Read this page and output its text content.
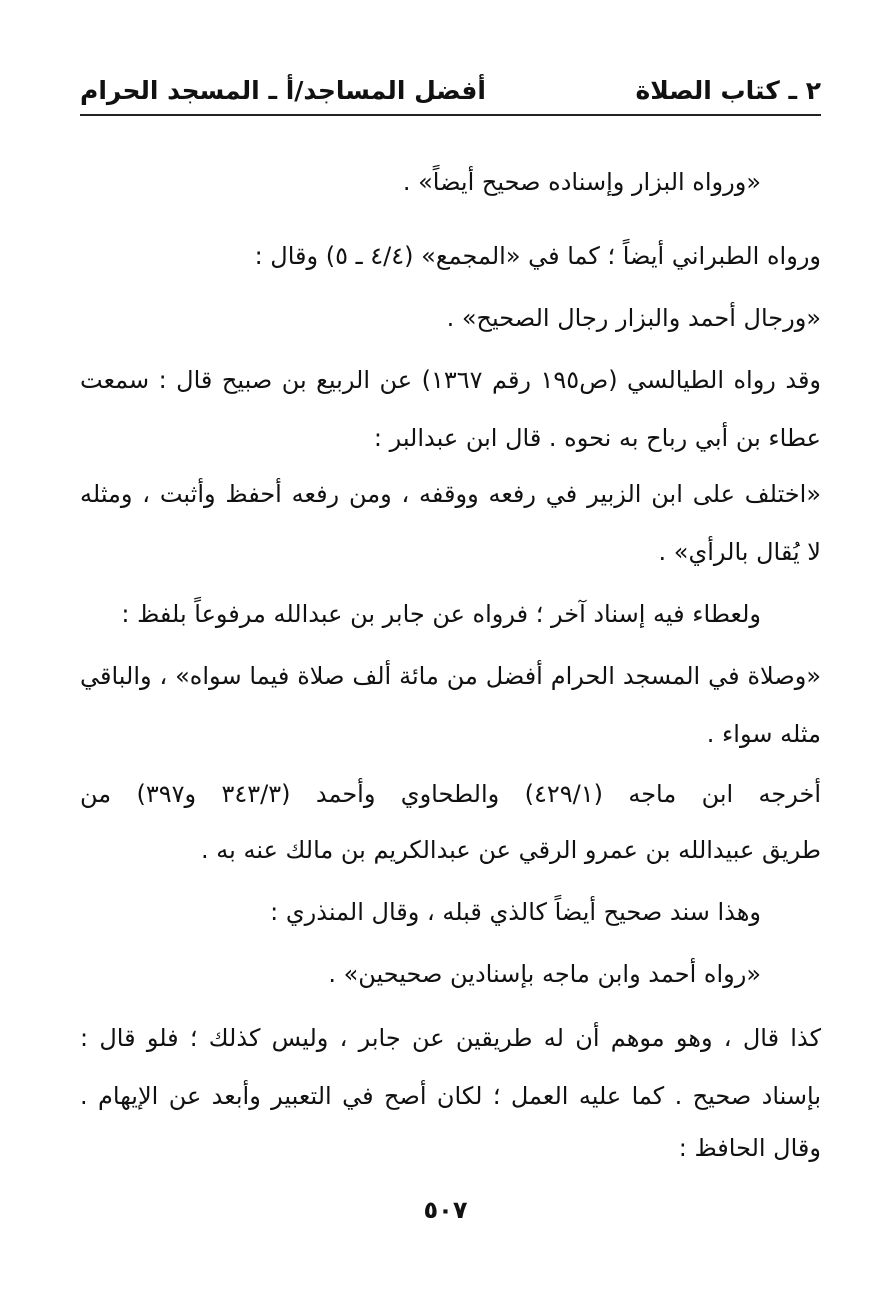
٢ ـ كتاب الصلاة
أفضل المساجد/أ ـ المسجد الحرام
«ورواه البزار وإسناده صحيح أيضاً» .
ورواه الطبراني أيضاً ؛ كما في «المجمع» (٤/٤ ـ ٥) وقال :
«ورجال أحمد والبزار رجال الصحيح» .
وقد رواه الطيالسي (ص١٩٥ رقم ١٣٦٧) عن الربيع بن صبيح قال : سمعت
عطاء بن أبي رباح به نحوه . قال ابن عبدالبر :
«اختلف على ابن الزبير في رفعه ووقفه ، ومن رفعه أحفظ وأثبت ، ومثله
لا يُقال بالرأي» .
ولعطاء فيه إسناد آخر ؛ فرواه عن جابر بن عبدالله مرفوعاً بلفظ :
«وصلاة في المسجد الحرام أفضل من مائة ألف صلاة فيما سواه» ، والباقي
مثله سواء .
أخرجه ابن ماجه (٤٢٩/١) والطحاوي وأحمد (٣٤٣/٣ و٣٩٧) من
طريق عبيدالله بن عمرو الرقي عن عبدالكريم بن مالك عنه به .
وهذا سند صحيح أيضاً كالذي قبله ، وقال المنذري :
«رواه أحمد وابن ماجه بإسنادين صحيحين» .
كذا قال ، وهو موهم أن له طريقين عن جابر ، وليس كذلك ؛ فلو قال :
بإسناد صحيح . كما عليه العمل ؛ لكان أصح في التعبير وأبعد عن الإيهام .
وقال الحافظ :
٥٠٧
